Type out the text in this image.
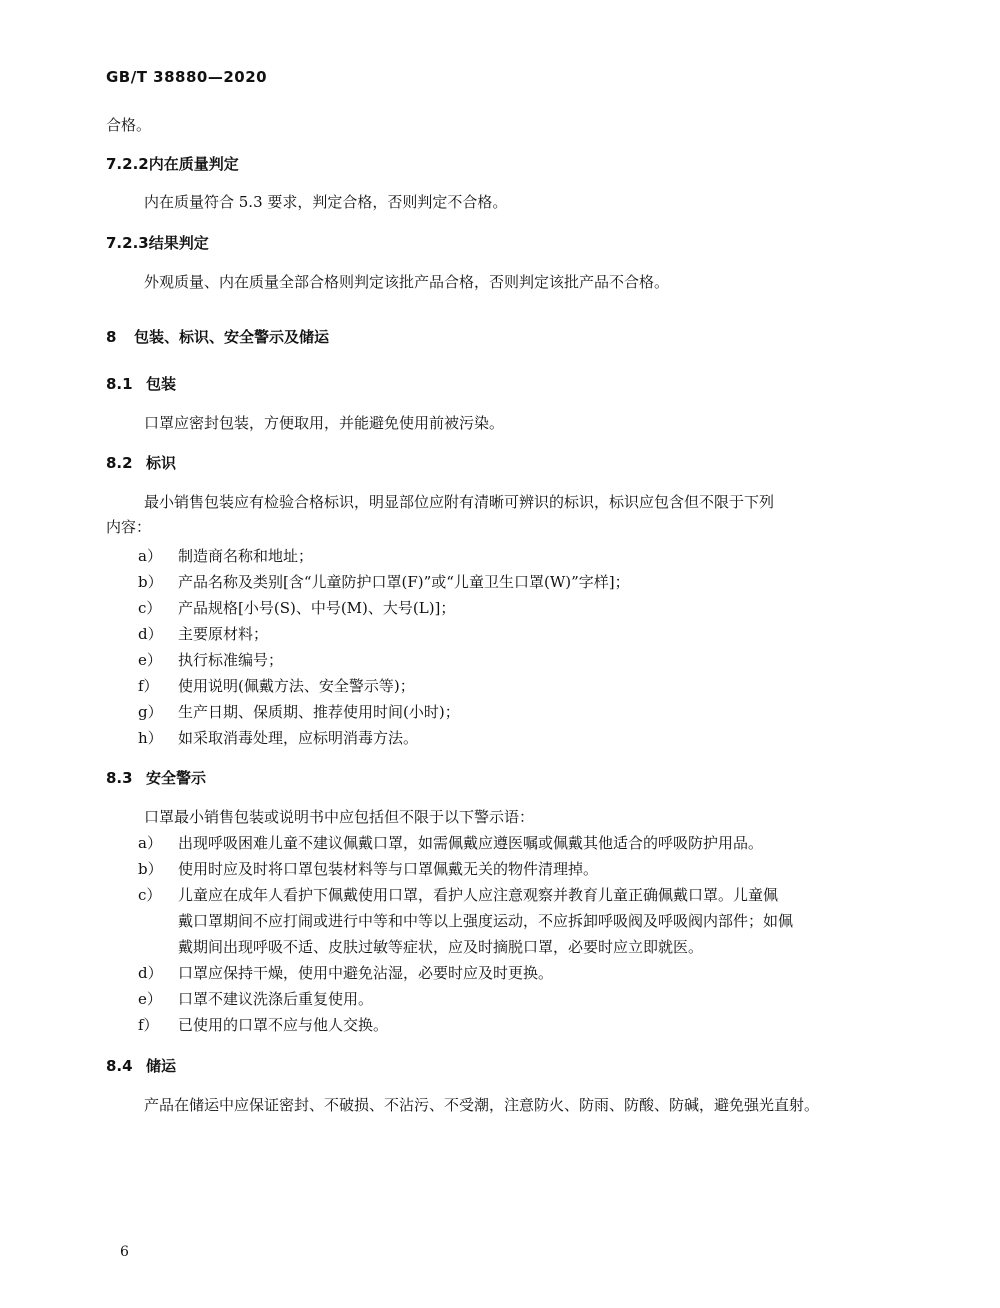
GB/T 38880—2020
合格。
7.2.2内在质量判定
内在质量符合 5.3 要求，判定合格，否则判定不合格。
7.2.3结果判定
外观质量、内在质量全部合格则判定该批产品合格，否则判定该批产品不合格。
8 包装、标识、安全警示及储运
8.1 包装
口罩应密封包装，方便取用，并能避免使用前被污染。
8.2 标识
最小销售包装应有检验合格标识，明显部位应附有清晰可辨识的标识，标识应包含但不限于下列
内容：
a） 制造商名称和地址；
b） 产品名称及类别[含“儿童防护口罩(F)”或“儿童卫生口罩(W)”字样]；
c） 产品规格[小号(S)、中号(M)、大号(L)]；
d） 主要原材料；
e） 执行标准编号；
f） 使用说明(佩戴方法、安全警示等)；
g） 生产日期、保质期、推荐使用时间(小时)；
h） 如采取消毒处理，应标明消毒方法。
8.3 安全警示
口罩最小销售包装或说明书中应包括但不限于以下警示语：
a） 出现呼吸困难儿童不建议佩戴口罩，如需佩戴应遵医嘱或佩戴其他适合的呼吸防护用品。
b） 使用时应及时将口罩包装材料等与口罩佩戴无关的物件清理掉。
c） 儿童应在成年人看护下佩戴使用口罩，看护人应注意观察并教育儿童正确佩戴口罩。儿童佩
戴口罩期间不应打闹或进行中等和中等以上强度运动，不应拆卸呼吸阀及呼吸阀内部件；如佩
戴期间出现呼吸不适、皮肤过敏等症状，应及时摘脱口罩，必要时应立即就医。
d） 口罩应保持干燥，使用中避免沾湿，必要时应及时更换。
e） 口罩不建议洗涤后重复使用。
f） 已使用的口罩不应与他人交换。
8.4 储运
产品在储运中应保证密封、不破损、不沾污、不受潮，注意防火、防雨、防酸、防碱，避免强光直射。
6
